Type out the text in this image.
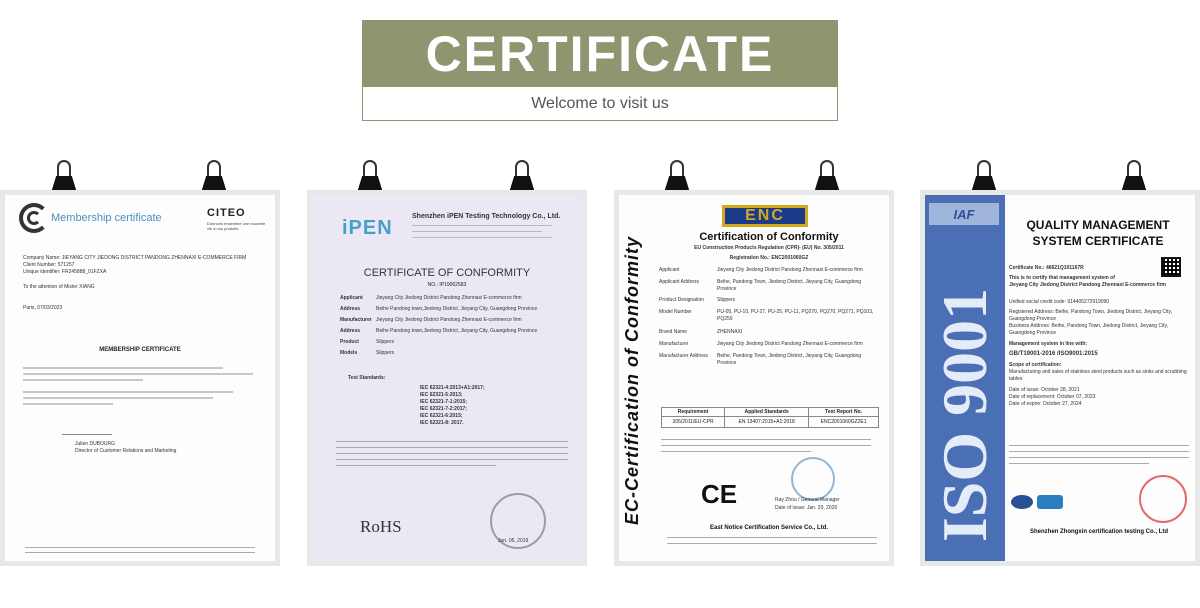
CERTIFICATE
Welcome to visit us
Membership certificate	CITEO
Donnons ensemble une nouvelle vie à nos produits
Company Name: JIEYANG CITY JIEDONG DISTRICT PANDONG ZHENNAXI E-COMMERCE FIRM
Client Number: 571257
Unique identifier: FR245888_01FZXA
To the attention of Mister XIANG
Paris, 07/03/2023
MEMBERSHIP CERTIFICATE
Julien DUBOURG
Director of Customer Relations and Marketing
iPEN
Shenzhen iPEN Testing Technology Co., Ltd.
CERTIFICATE OF CONFORMITY
NO.: IP19062583
Applicant	Jieyang City Jiedong District Pandong Zhennaxi E-commerce firm
Address	Beihe Pandong town,Jiedong District, Jieyang City, Guangdong Province
Manufacturer Jieyang City Jiedong District Pandong Zhennaxi E-commerce firm
Address	Beihe Pandong town,Jiedong District, Jieyang City, Guangdong Province
Product	Slippers
Models	Slippers
Test Standards:
IEC 62321-4:2013+A1:2017;
IEC 62321-5:2013;
IEC 62321-7-1:2015;
IEC 62321-7-2:2017;
IEC 62321-6:2015;
IEC 62321-8: 2017.
RoHS
Jun. 05, 2019
EC-Certification of Conformity
ENC
Certification of Conformity
EU Construction Products Regulation (CPR)- (EU) No. 305/2011
Registration No.: ENC2001060GZ
Applicant	Jieyang City Jiedong District Pandong Zhennaxi E-commerce firm
Applicant Address	Beihe, Pandong Town, Jiedong District, Jieyang City, Guangdong Province
Product Designation	Slippers
Model Number	PU-05, PU-10, PU-27, PU-25, PU-11, PQ270, PQ270, PQ271, PQ103, PQ259
Brand Name	ZHENNAXI
Manufacturer	Jieyang City Jiedong District Pandong Zhennaxi E-commerce firm
Manufacturer Address	Beihe, Pandong Town, Jiedong District, Jieyang City, Guangdong Province
Requirement	Applied Standards	Test Report No.
305/2011/EU-CPR	EN 13407:2015+A1:2018	ENC2001060GZ2E1
CE	Ray Zhou / General Manager
Date of issue: Jan. 20, 2020
East Notice Certification Service Co., Ltd.
IAF
ISO 9001
QUALITY MANAGEMENT
SYSTEM CERTIFICATE
Certificate No.: 46621Q101167R
This is to certify that management system of
Jieyang City Jiedong District Pandong Zhennaxi E-commerce firm
Unified social credit code: 914405272919090
Registered Address: Beihe, Pandong Town, Jiedong District, Jieyang City, Guangdong Province
Business Address: Beihe, Pandong Town, Jiedong District, Jieyang City, Guangdong Province
Management system in line with:
GB/T19001-2016 /ISO9001:2015
Scope of certification:
Manufacturing and sales of stainless steel products such as sinks and scrubbing tables
Date of issue: October 28, 2021
Date of replacement: October 07, 2023
Date of expire: October 27, 2024
Shenzhen Zhongxin certification testing Co., Ltd
